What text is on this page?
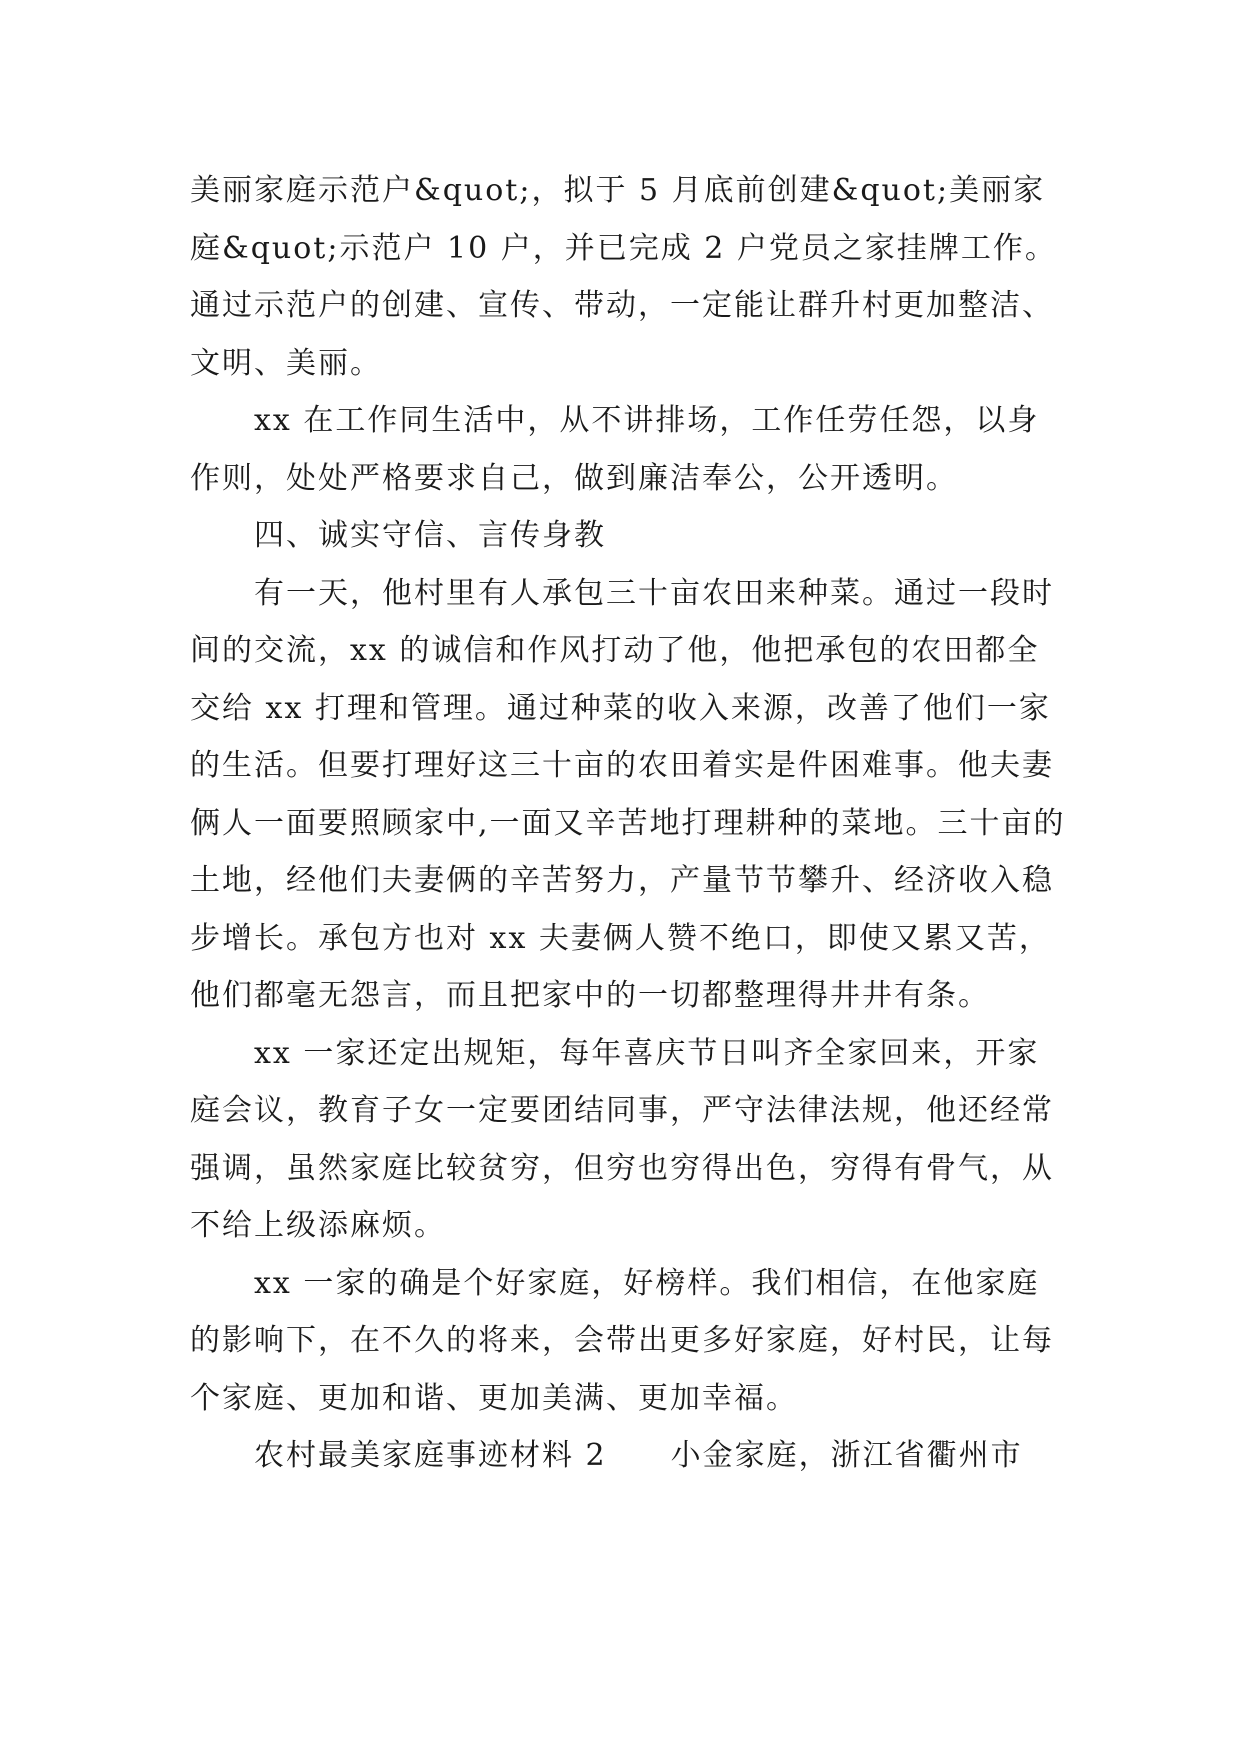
美丽家庭示范户&quot;，拟于 5 月底前创建&quot;美丽家庭&quot;示范户 10 户，并已完成 2 户党员之家挂牌工作。通过示范户的创建、宣传、带动，一定能让群升村更加整洁、文明、美丽。

xx 在工作同生活中，从不讲排场，工作任劳任怨，以身作则，处处严格要求自己，做到廉洁奉公，公开透明。

四、诚实守信、言传身教

有一天，他村里有人承包三十亩农田来种菜。通过一段时间的交流，xx 的诚信和作风打动了他，他把承包的农田都全交给 xx 打理和管理。通过种菜的收入来源，改善了他们一家的生活。但要打理好这三十亩的农田着实是件困难事。他夫妻俩人一面要照顾家中,一面又辛苦地打理耕种的菜地。三十亩的土地，经他们夫妻俩的辛苦努力，产量节节攀升、经济收入稳步增长。承包方也对 xx 夫妻俩人赞不绝口，即使又累又苦，他们都毫无怨言，而且把家中的一切都整理得井井有条。

xx 一家还定出规矩，每年喜庆节日叫齐全家回来，开家庭会议，教育子女一定要团结同事，严守法律法规，他还经常强调，虽然家庭比较贫穷，但穷也穷得出色，穷得有骨气，从不给上级添麻烦。

xx 一家的确是个好家庭，好榜样。我们相信，在他家庭的影响下，在不久的将来，会带出更多好家庭，好村民，让每个家庭、更加和谐、更加美满、更加幸福。

农村最美家庭事迹材料 2　　小金家庭，浙江省衢州市
